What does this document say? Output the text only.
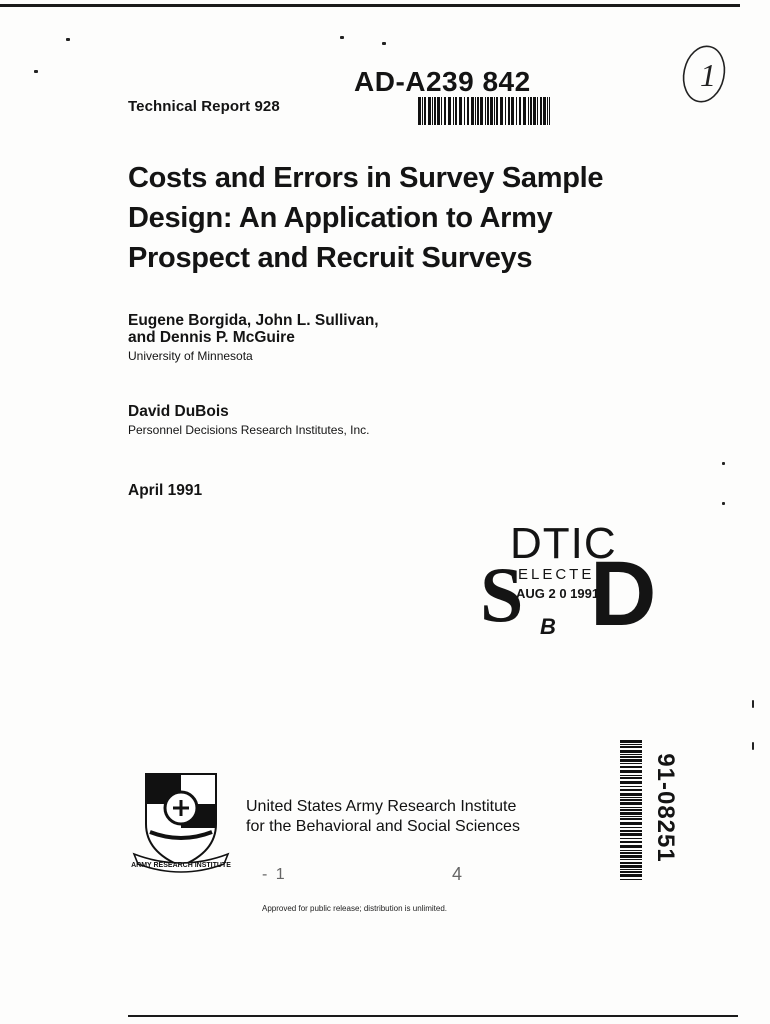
Technical Report 928
AD-A239 842	1
Costs and Errors in Survey Sample
Design: An Application to Army
Prospect and Recruit Surveys
Eugene Borgida, John L. Sullivan,
and Dennis P. McGuire
University of Minnesota
David DuBois
Personnel Decisions Research Institutes, Inc.
April 1991
DTIC
S
ELECTE
AUG 2 0 1991
D
B
91-08251
ARMY RESEARCH INSTITUTE
United States Army Research Institute
for the Behavioral and Social Sciences
- 1	4
Approved for public release; distribution is unlimited.
